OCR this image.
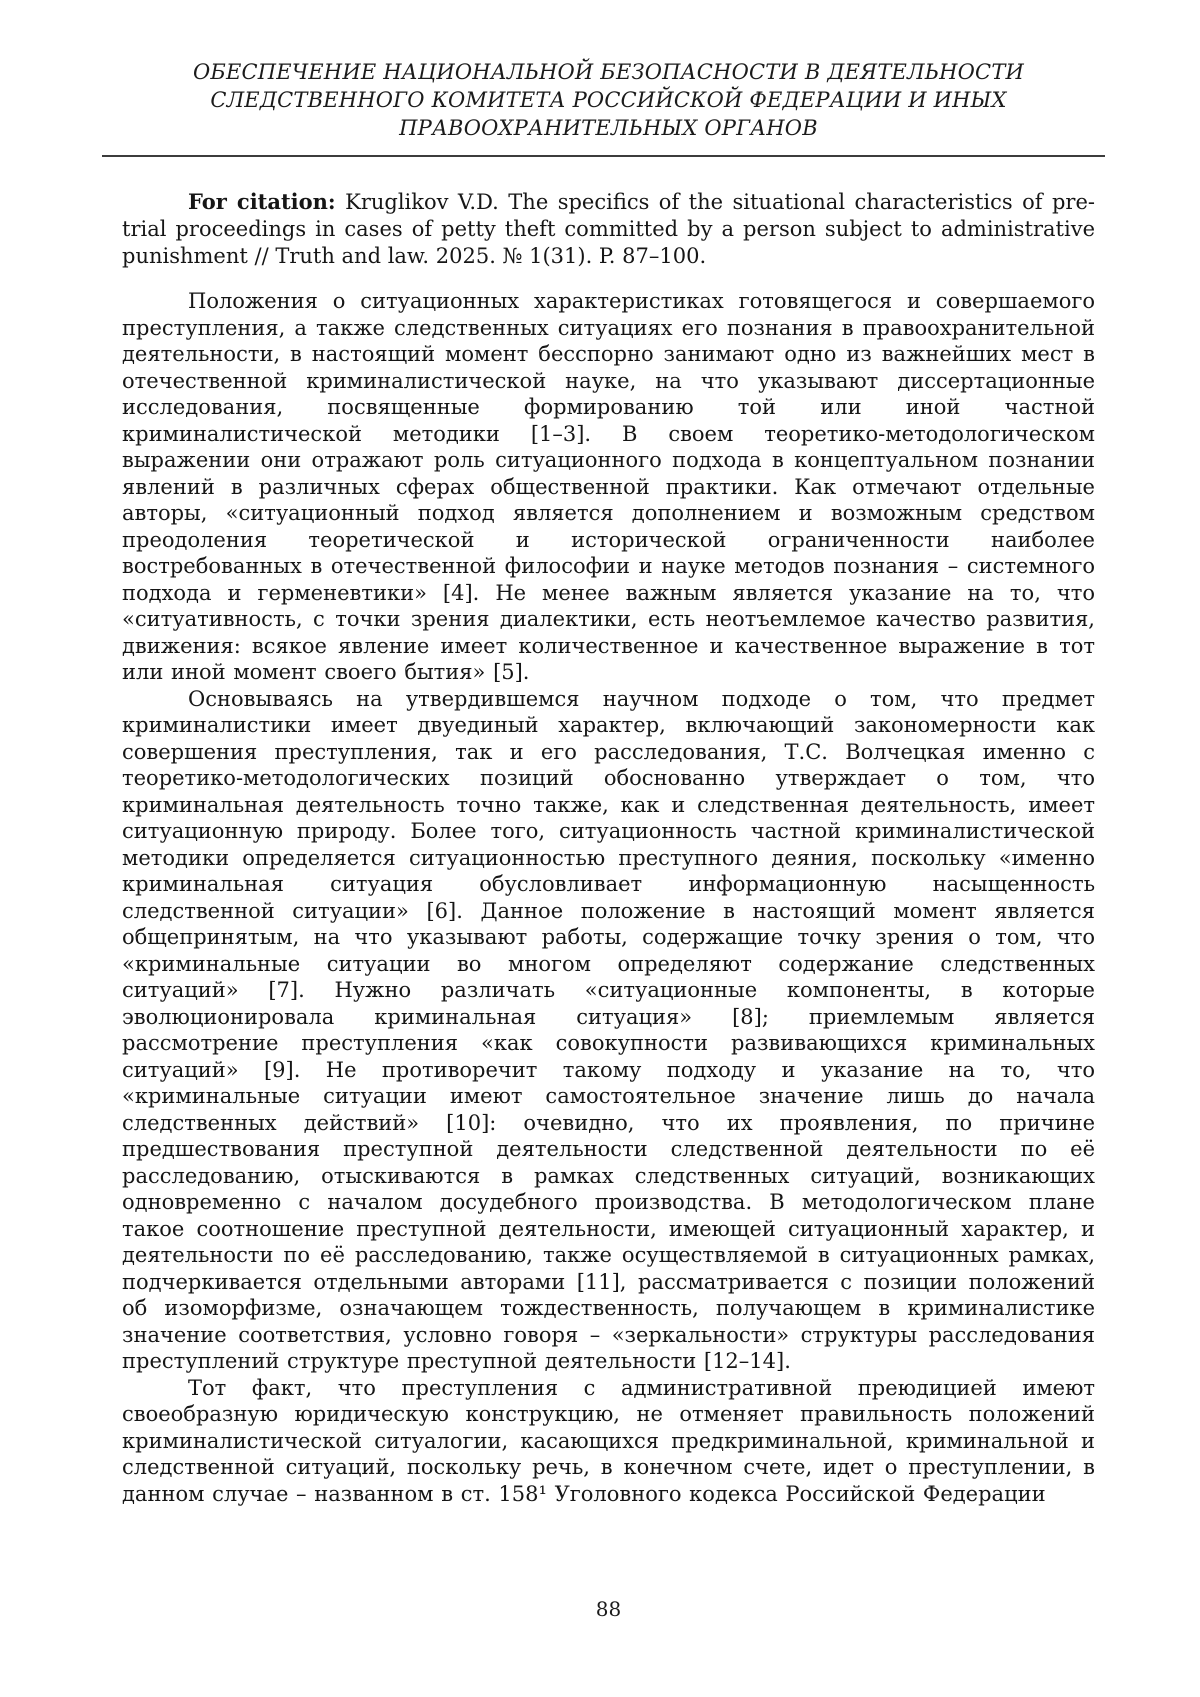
ОБЕСПЕЧЕНИЕ НАЦИОНАЛЬНОЙ БЕЗОПАСНОСТИ В ДЕЯТЕЛЬНОСТИ
СЛЕДСТВЕННОГО КОМИТЕТА РОССИЙСКОЙ ФЕДЕРАЦИИ И ИНЫХ
ПРАВООХРАНИТЕЛЬНЫХ ОРГАНОВ

For citation: Kruglikov V.D. The specifics of the situational characteristics of pre-trial proceedings in cases of petty theft committed by a person subject to administrative punishment // Truth and law. 2025. № 1(31). P. 87–100.

Положения о ситуационных характеристиках готовящегося и совершаемого преступления, а также следственных ситуациях его познания в правоохранительной деятельности, в настоящий момент бесспорно занимают одно из важнейших мест в отечественной криминалистической науке, на что указывают диссертационные исследования, посвященные формированию той или иной частной криминалистической методики [1–3]. В своем теоретико-методологическом выражении они отражают роль ситуационного подхода в концептуальном познании явлений в различных сферах общественной практики. Как отмечают отдельные авторы, «ситуационный подход является дополнением и возможным средством преодоления теоретической и исторической ограниченности наиболее востребованных в отечественной философии и науке методов познания – системного подхода и герменевтики» [4]. Не менее важным является указание на то, что «ситуативность, с точки зрения диалектики, есть неотъемлемое качество развития, движения: всякое явление имеет количественное и качественное выражение в тот или иной момент своего бытия» [5].

Основываясь на утвердившемся научном подходе о том, что предмет криминалистики имеет двуединый характер, включающий закономерности как совершения преступления, так и его расследования, Т.С. Волчецкая именно с теоретико-методологических позиций обоснованно утверждает о том, что криминальная деятельность точно также, как и следственная деятельность, имеет ситуационную природу. Более того, ситуационность частной криминалистической методики определяется ситуационностью преступного деяния, поскольку «именно криминальная ситуация обусловливает информационную насыщенность следственной ситуации» [6]. Данное положение в настоящий момент является общепринятым, на что указывают работы, содержащие точку зрения о том, что «криминальные ситуации во многом определяют содержание следственных ситуаций» [7]. Нужно различать «ситуационные компоненты, в которые эволюционировала криминальная ситуация» [8]; приемлемым является рассмотрение преступления «как совокупности развивающихся криминальных ситуаций» [9]. Не противоречит такому подходу и указание на то, что «криминальные ситуации имеют самостоятельное значение лишь до начала следственных действий» [10]: очевидно, что их проявления, по причине предшествования преступной деятельности следственной деятельности по её расследованию, отыскиваются в рамках следственных ситуаций, возникающих одновременно с началом досудебного производства. В методологическом плане такое соотношение преступной деятельности, имеющей ситуационный характер, и деятельности по её расследованию, также осуществляемой в ситуационных рамках, подчеркивается отдельными авторами [11], рассматривается с позиции положений об изоморфизме, означающем тождественность, получающем в криминалистике значение соответствия, условно говоря – «зеркальности» структуры расследования преступлений структуре преступной деятельности [12–14].

Тот факт, что преступления с административной преюдицией имеют своеобразную юридическую конструкцию, не отменяет правильность положений криминалистической ситуалогии, касающихся предкриминальной, криминальной и следственной ситуаций, поскольку речь, в конечном счете, идет о преступлении, в данном случае – названном в ст. 158¹ Уголовного кодекса Российской Федерации

88
